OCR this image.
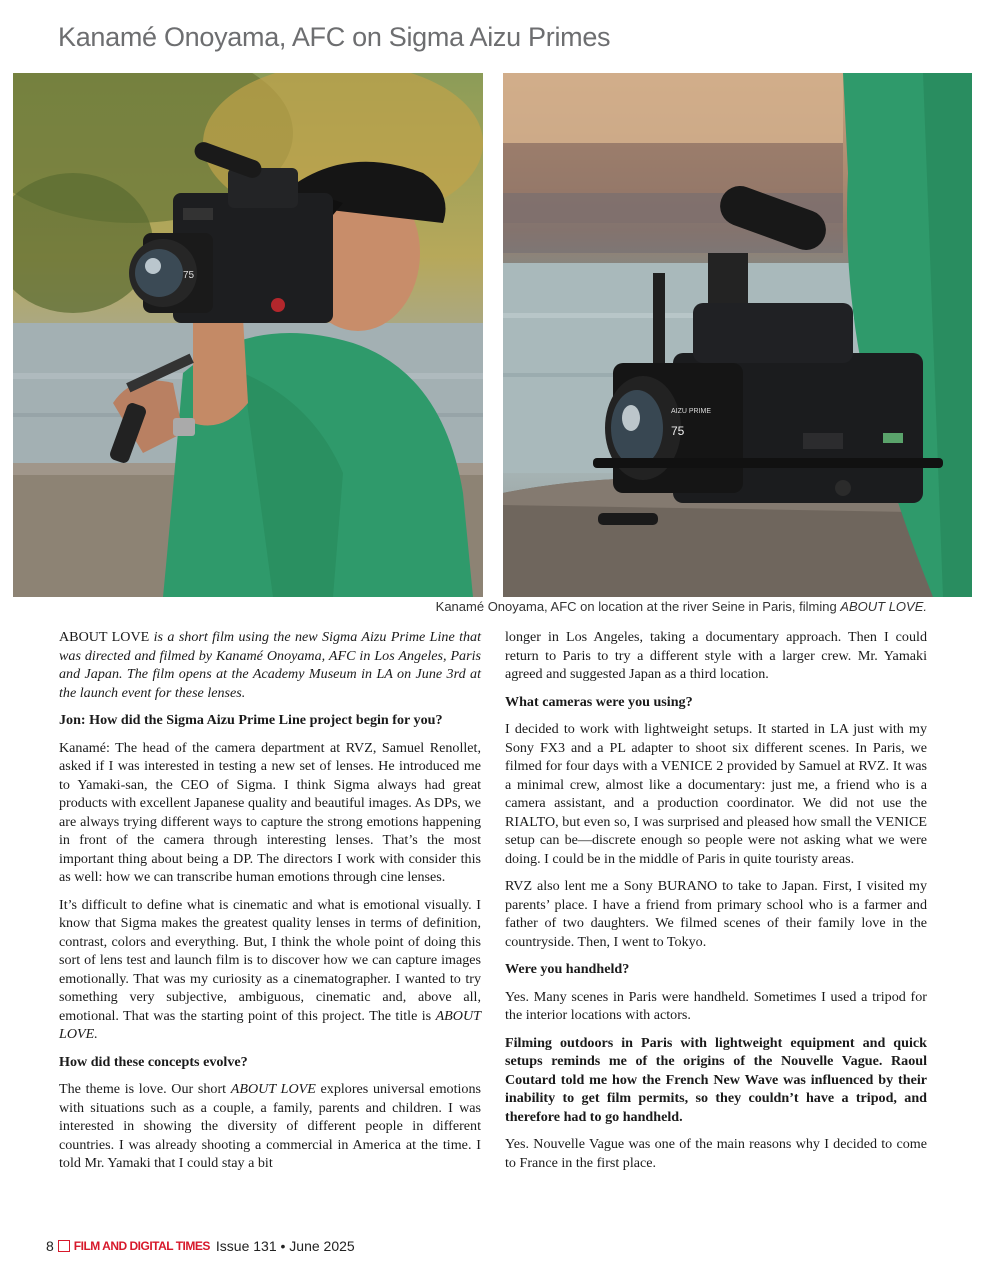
Kanamé Onoyama, AFC on Sigma Aizu Primes
75
AIZU PRIME
75
Kanamé Onoyama, AFC on location at the river Seine in Paris, filming ABOUT LOVE.

ABOUT LOVE is a short film using the new Sigma Aizu Prime Line that was directed and filmed by Kanamé Onoyama, AFC in Los Angeles, Paris and Japan. The film opens at the Academy Museum in LA on June 3rd at the launch event for these lenses.

Jon: How did the Sigma Aizu Prime Line project begin for you?

Kanamé: The head of the camera department at RVZ, Samuel Renollet, asked if I was interested in testing a new set of lenses. He introduced me to Yamaki-san, the CEO of Sigma. I think Sigma always had great products with excellent Japanese quality and beautiful images. As DPs, we are always trying different ways to capture the strong emotions happening in front of the camera through interesting lenses. That’s the most important thing about being a DP. The directors I work with consider this as well: how we can transcribe human emotions through cine lenses.

It’s difficult to define what is cinematic and what is emotional visually. I know that Sigma makes the greatest quality lenses in terms of definition, contrast, colors and everything. But, I think the whole point of doing this sort of lens test and launch film is to discover how we can capture images emotionally. That was my curiosity as a cinematographer. I wanted to try something very subjective, ambiguous, cinematic and, above all, emotional. That was the starting point of this project. The title is ABOUT LOVE.

How did these concepts evolve?

The theme is love. Our short ABOUT LOVE explores universal emotions with situations such as a couple, a family, parents and children. I was interested in showing the diversity of different people in different countries. I was already shooting a commercial in America at the time. I told Mr. Yamaki that I could stay a bit

longer in Los Angeles, taking a documentary approach. Then I could return to Paris to try a different style with a larger crew. Mr. Yamaki agreed and suggested Japan as a third location.

What cameras were you using?

I decided to work with lightweight setups. It started in LA just with my Sony FX3 and a PL adapter to shoot six different scenes. In Paris, we filmed for four days with a VENICE 2 provided by Samuel at RVZ. It was a minimal crew, almost like a documentary: just me, a friend who is a camera assistant, and a production coordinator. We did not use the RIALTO, but even so, I was surprised and pleased how small the VENICE setup can be—discrete enough so people were not asking what we were doing. I could be in the middle of Paris in quite touristy areas.

RVZ also lent me a Sony BURANO to take to Japan. First, I visited my parents’ place. I have a friend from primary school who is a farmer and father of two daughters. We filmed scenes of their family love in the countryside. Then, I went to Tokyo.

Were you handheld?

Yes. Many scenes in Paris were handheld. Sometimes I used a tripod for the interior locations with actors.

Filming outdoors in Paris with lightweight equipment and quick setups reminds me of the origins of the Nouvelle Vague. Raoul Coutard told me how the French New Wave was influenced by their inability to get film permits, so they couldn’t have a tripod, and therefore had to go handheld.

Yes. Nouvelle Vague was one of the main reasons why I decided to come to France in the first place.

8 FILM AND DIGITAL TIMES Issue 131 • June 2025
